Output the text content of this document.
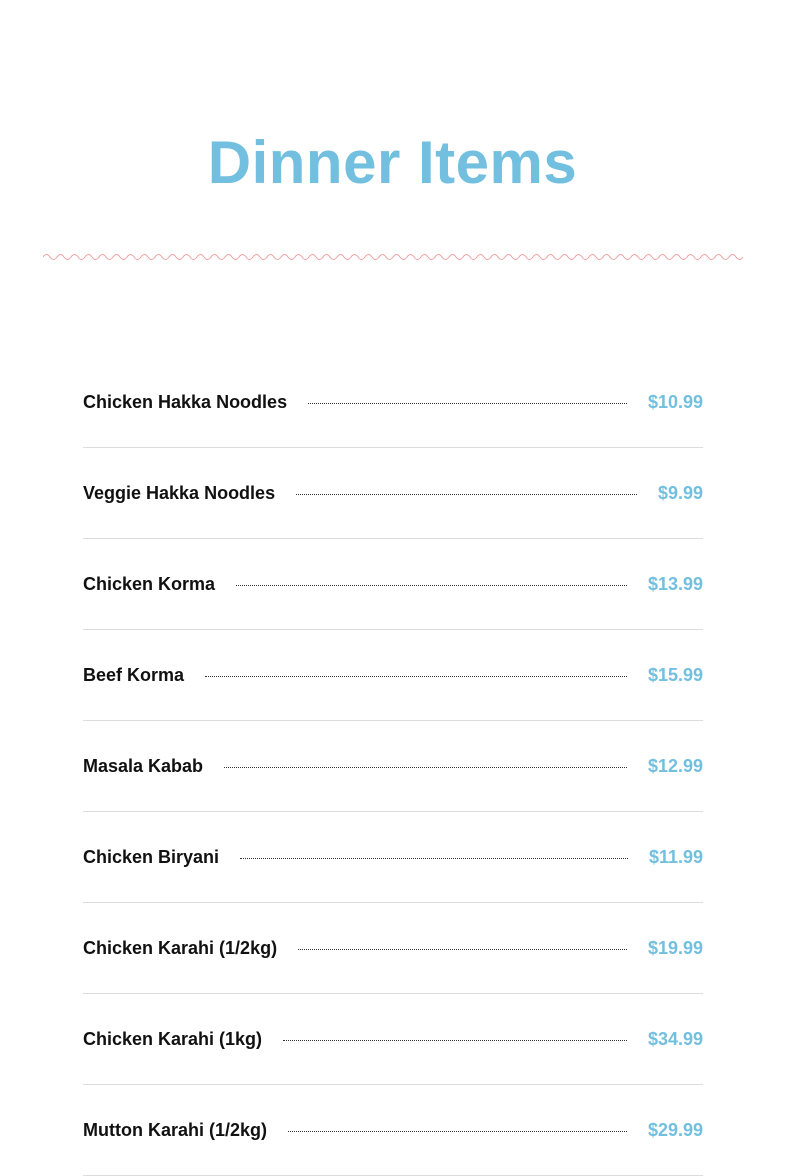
Dinner Items
Chicken Hakka Noodles	$10.99
Veggie Hakka Noodles	$9.99
Chicken Korma	$13.99
Beef Korma	$15.99
Masala Kabab	$12.99
Chicken Biryani	$11.99
Chicken Karahi (1/2kg)	$19.99
Chicken Karahi (1kg)	$34.99
Mutton Karahi (1/2kg)	$29.99
